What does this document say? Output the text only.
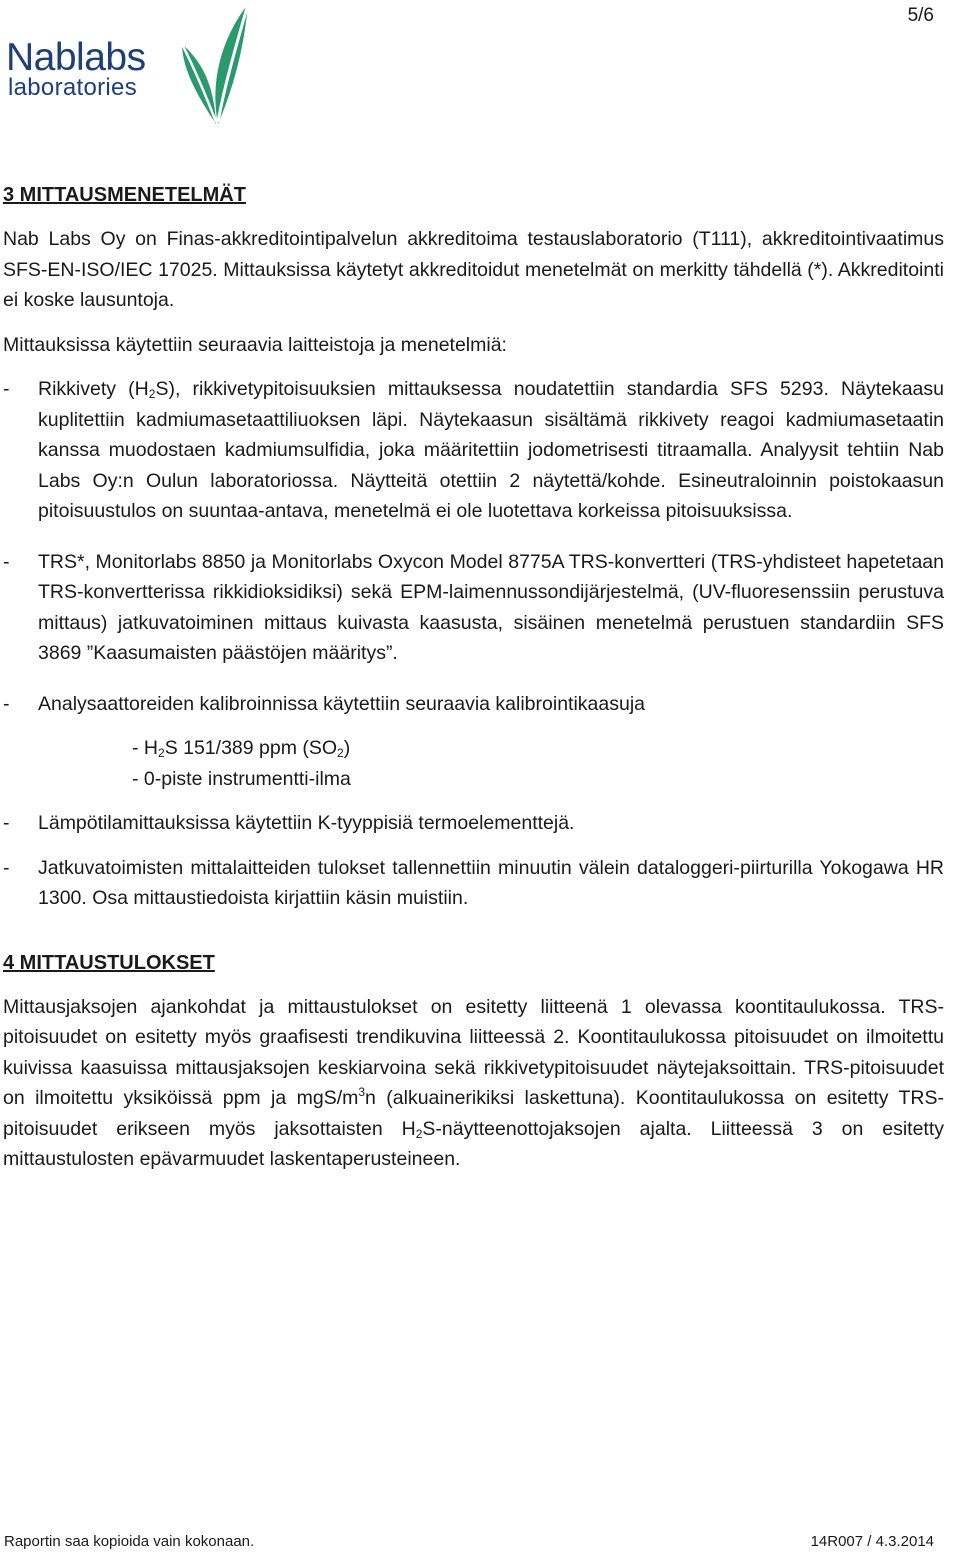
5/6
Nablabs
laboratories
3 MITTAUSMENETELMÄT

Nab Labs Oy on Finas-akkreditointipalvelun akkreditoima testauslaboratorio (T111), akkreditointivaatimus SFS-EN-ISO/IEC 17025. Mittauksissa käytetyt akkreditoidut menetelmät on merkitty tähdellä (*). Akkreditointi ei koske lausuntoja.

Mittauksissa käytettiin seuraavia laitteistoja ja menetelmiä:

- Rikkivety $(H_2S)$, rikkivetypitoisuuksien mittauksessa noudatettiin standardia SFS 5293. Näytekaasu kuplitettiin kadmiumasetaattiliuoksen läpi. Näytekaasun sisältämä rikkivety reagoi kadmiumasetaatin kanssa muodostaen kadmiumsulfidia, joka määritettiin jodometrisesti titraamalla. Analyysit tehtiin Nab Labs Oy:n Oulun laboratoriossa. Näytteitä otettiin 2 näytettä/kohde. Esineutraloinnin poistokaasun pitoisuustulos on suuntaa-antava, menetelmä ei ole luotettava korkeissa pitoisuuksissa.
- TRS*, Monitorlabs 8850 ja Monitorlabs Oxycon Model 8775A TRS-konvertteri (TRS-yhdisteet hapetetaan TRS-konvertterissa rikkidioksidiksi) sekä EPM-laimennussondijärjestelmä, (UV-fluoresenssiin perustuva mittaus) jatkuvatoiminen mittaus kuivasta kaasusta, sisäinen menetelmä perustuen standardiin SFS 3869 ”Kaasumaisten päästöjen määritys”.
- Analysaattoreiden kalibroinnissa käytettiin seuraavia kalibrointikaasuja
- $H_2S$ 151/389 ppm $(SO_2)$
- 0-piste instrumentti-ilma
- Lämpötilamittauksissa käytettiin K-tyyppisiä termoelementtejä.
- Jatkuvatoimisten mittalaitteiden tulokset tallennettiin minuutin välein dataloggeri-piirturilla Yokogawa HR 1300. Osa mittaustiedoista kirjattiin käsin muistiin.
4 MITTAUSTULOKSET

Mittausjaksojen ajankohdat ja mittaustulokset on esitetty liitteenä 1 olevassa koontitaulukossa. TRS-pitoisuudet on esitetty myös graafisesti trendikuvina liitteessä 2. Koontitaulukossa pitoisuudet on ilmoitettu kuivissa kaasuissa mittausjaksojen keskiarvoina sekä rikkivetypitoisuudet näytejaksoittain. TRS-pitoisuudet on ilmoitettu yksiköissä ppm ja mgS/$m^3n$ (alkuainerikiksi laskettuna). Koontitaulukossa on esitetty TRS-pitoisuudet erikseen myös jaksottaisten $H_2S$-näytteenottojaksojen ajalta. Liitteessä 3 on esitetty mittaustulosten epävarmuudet laskentaperusteineen.

Raportin saa kopioida vain kokonaan.	14R007 / 4.3.2014
